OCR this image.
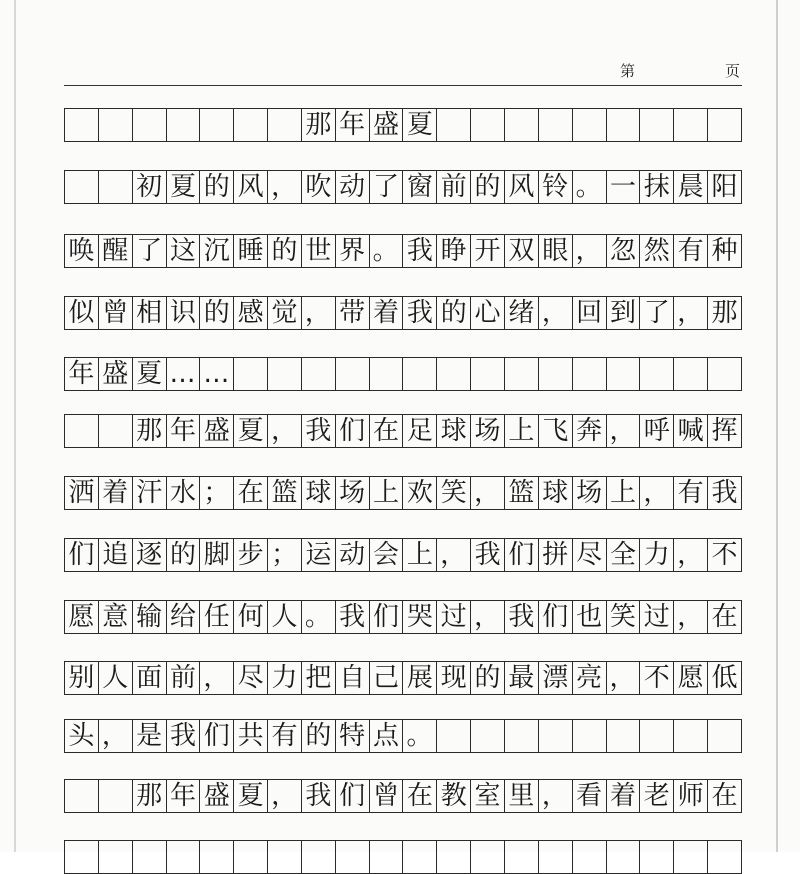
第	页
那 年 盛 夏
初 夏 的 风 ， 吹 动 了 窗 前 的 风 铃 。 一 抹 晨 阳
唤 醒 了 这 沉 睡 的 世 界 。 我 睁 开 双 眼 ， 忽 然 有 种
似 曾 相 识 的 感 觉 ， 带 着 我 的 心 绪 ， 回 到 了 ， 那
年 盛 夏 … …
那 年 盛 夏 ， 我 们 在 足 球 场 上 飞 奔 ， 呼 喊 挥
洒 着 汗 水 ； 在 篮 球 场 上 欢 笑 ， 篮 球 场 上 ， 有 我
们 追 逐 的 脚 步 ； 运 动 会 上 ， 我 们 拼 尽 全 力 ， 不
愿 意 输 给 任 何 人 。 我 们 哭 过 ， 我 们 也 笑 过 ， 在
别 人 面 前 ， 尽 力 把 自 己 展 现 的 最 漂 亮 ， 不 愿 低
头 ， 是 我 们 共 有 的 特 点 。
那 年 盛 夏 ， 我 们 曾 在 教 室 里 ， 看 着 老 师 在
